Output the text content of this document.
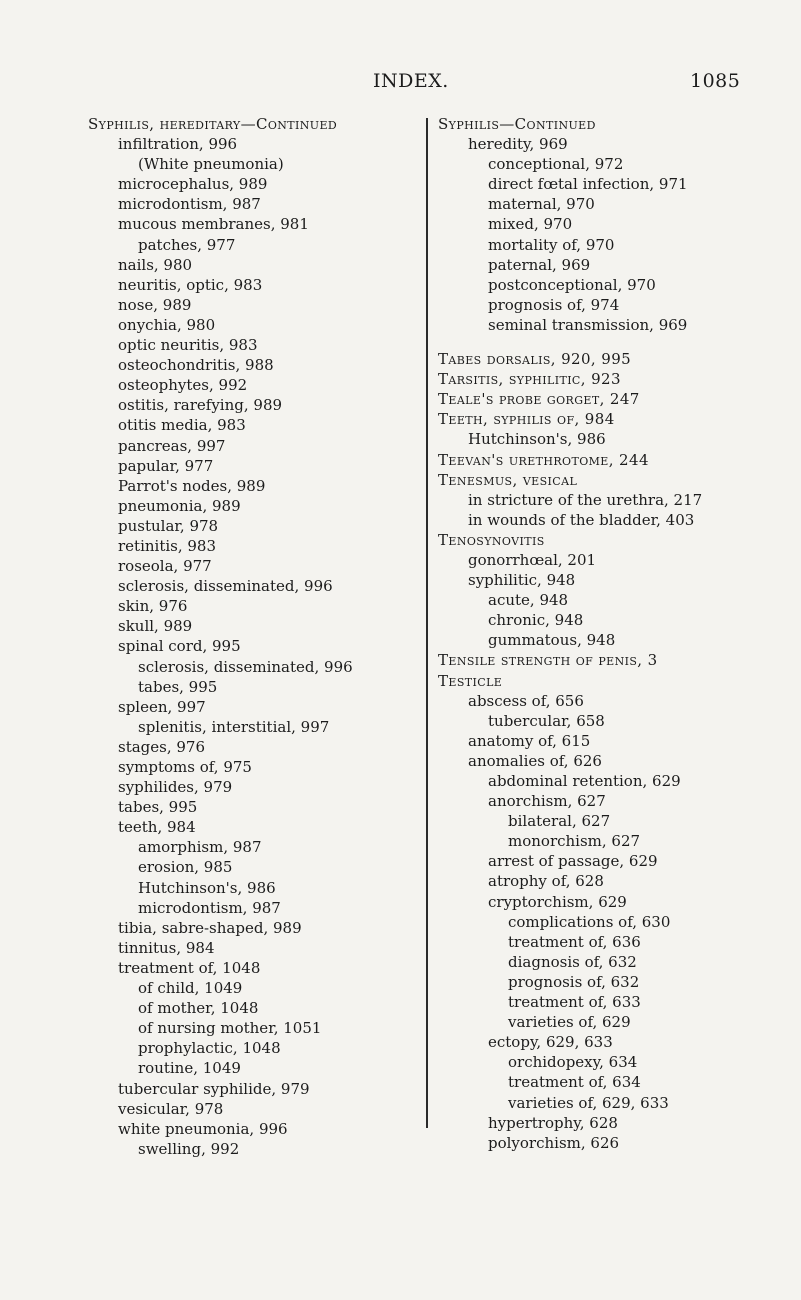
INDEX.	1085
Syphilis, hereditary—Continued
infiltration, 996
(White pneumonia)
microcephalus, 989
microdontism, 987
mucous membranes, 981
patches, 977
nails, 980
neuritis, optic, 983
nose, 989
onychia, 980
optic neuritis, 983
osteochondritis, 988
osteophytes, 992
ostitis, rarefying, 989
otitis media, 983
pancreas, 997
papular, 977
Parrot's nodes, 989
pneumonia, 989
pustular, 978
retinitis, 983
roseola, 977
sclerosis, disseminated, 996
skin, 976
skull, 989
spinal cord, 995
sclerosis, disseminated, 996
tabes, 995
spleen, 997
splenitis, interstitial, 997
stages, 976
symptoms of, 975
syphilides, 979
tabes, 995
teeth, 984
amorphism, 987
erosion, 985
Hutchinson's, 986
microdontism, 987
tibia, sabre-shaped, 989
tinnitus, 984
treatment of, 1048
of child, 1049
of mother, 1048
of nursing mother, 1051
prophylactic, 1048
routine, 1049
tubercular syphilide, 979
vesicular, 978
white pneumonia, 996
swelling, 992
Syphilis—Continued
heredity, 969
conceptional, 972
direct fœtal infection, 971
maternal, 970
mixed, 970
mortality of, 970
paternal, 969
postconceptional, 970
prognosis of, 974
seminal transmission, 969
Tabes dorsalis, 920, 995
Tarsitis, syphilitic, 923
Teale's probe gorget, 247
Teeth, syphilis of, 984
Hutchinson's, 986
Teevan's urethrotome, 244
Tenesmus, vesical
in stricture of the urethra, 217
in wounds of the bladder, 403
Tenosynovitis
gonorrhœal, 201
syphilitic, 948
acute, 948
chronic, 948
gummatous, 948
Tensile strength of penis, 3
Testicle
abscess of, 656
tubercular, 658
anatomy of, 615
anomalies of, 626
abdominal retention, 629
anorchism, 627
bilateral, 627
monorchism, 627
arrest of passage, 629
atrophy of, 628
cryptorchism, 629
complications of, 630
treatment of, 636
diagnosis of, 632
prognosis of, 632
treatment of, 633
varieties of, 629
ectopy, 629, 633
orchidopexy, 634
treatment of, 634
varieties of, 629, 633
hypertrophy, 628
polyorchism, 626
